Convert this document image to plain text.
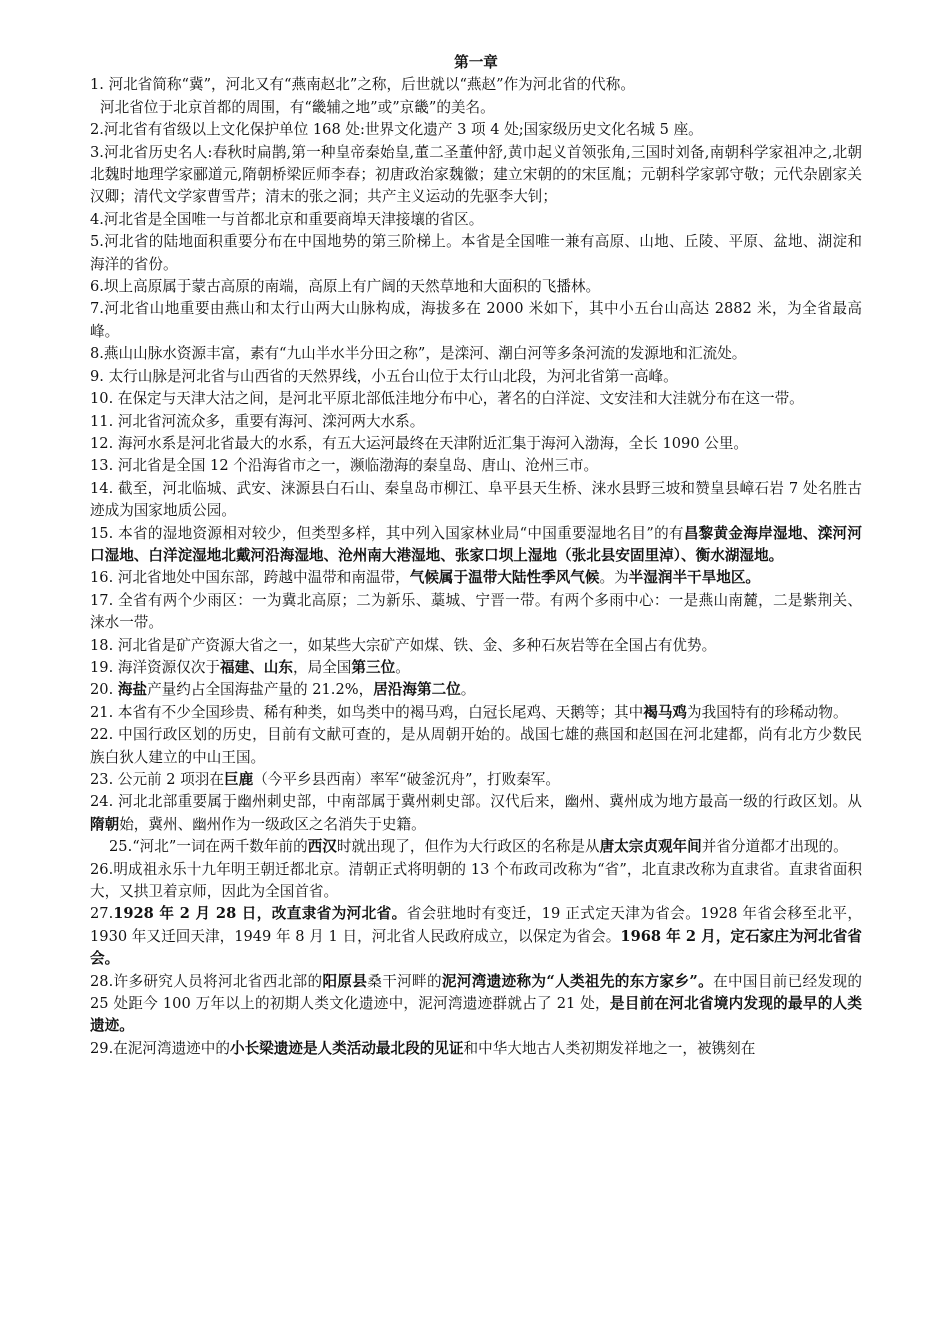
第一章

1. 河北省简称“冀”，河北又有“燕南赵北”之称，后世就以“燕赵”作为河北省的代称。

河北省位于北京首都的周围，有“畿辅之地”或”京畿”的美名。

2.河北省有省级以上文化保护单位 168 处:世界文化遗产 3 项 4 处;国家级历史文化名城 5 座。

3.河北省历史名人:春秋时扁鹊,第一种皇帝秦始皇,董二圣董仲舒,黄巾起义首领张角,三国时刘备,南朝科学家祖冲之,北朝北魏时地理学家郦道元,隋朝桥梁匠师李春；初唐政治家魏徽；建立宋朝的的宋匡胤；元朝科学家郭守敬；元代杂剧家关汉卿；清代文学家曹雪芹；清末的张之洞；共产主义运动的先驱李大钊；

4.河北省是全国唯一与首都北京和重要商埠天津接壤的省区。

5.河北省的陆地面积重要分布在中国地势的第三阶梯上。本省是全国唯一兼有高原、山地、丘陵、平原、盆地、湖淀和海洋的省份。

6.坝上高原属于蒙古高原的南端，高原上有广阔的天然草地和大面积的飞播林。

7.河北省山地重要由燕山和太行山两大山脉构成，海拔多在 2000 米如下，其中小五台山高达 2882 米，为全省最高峰。

8.燕山山脉水资源丰富，素有“九山半水半分田之称”，是滦河、潮白河等多条河流的发源地和汇流处。

9. 太行山脉是河北省与山西省的天然界线，小五台山位于太行山北段，为河北省第一高峰。

10. 在保定与天津大沽之间，是河北平原北部低洼地分布中心，著名的白洋淀、文安洼和大洼就分布在这一带。

11. 河北省河流众多，重要有海河、滦河两大水系。

12. 海河水系是河北省最大的水系，有五大运河最终在天津附近汇集于海河入渤海，全长 1090 公里。

13. 河北省是全国 12 个沿海省市之一，濒临渤海的秦皇岛、唐山、沧州三市。

14. 截至，河北临城、武安、涞源县白石山、秦皇岛市柳江、阜平县天生桥、涞水县野三坡和赞皇县嶂石岩 7 处名胜古迹成为国家地质公园。

15. 本省的湿地资源相对较少，但类型多样，其中列入国家林业局“中国重要湿地名目”的有昌黎黄金海岸湿地、滦河河口湿地、白洋淀湿地北戴河沿海湿地、沧州南大港湿地、张家口坝上湿地（张北县安固里淖）、衡水湖湿地。

16. 河北省地处中国东部，跨越中温带和南温带，气候属于温带大陆性季风气候。为半湿润半干旱地区。

17. 全省有两个少雨区：一为冀北高原；二为新乐、藁城、宁晋一带。有两个多雨中心：一是燕山南麓，二是紫荆关、涞水一带。

18. 河北省是矿产资源大省之一，如某些大宗矿产如煤、铁、金、多种石灰岩等在全国占有优势。

19. 海洋资源仅次于福建、山东，局全国第三位。

20. 海盐产量约占全国海盐产量的 21.2%，居沿海第二位。

21. 本省有不少全国珍贵、稀有种类，如鸟类中的褐马鸡，白冠长尾鸡、天鹅等；其中褐马鸡为我国特有的珍稀动物。

22. 中国行政区划的历史，目前有文献可查的，是从周朝开始的。战国七雄的燕国和赵国在河北建都，尚有北方少数民族白狄人建立的中山王国。

23. 公元前 2 项羽在巨鹿（今平乡县西南）率军“破釜沉舟”，打败秦军。

24. 河北北部重要属于幽州刺史部，中南部属于冀州刺史部。汉代后来，幽州、冀州成为地方最高一级的行政区划。从隋朝始，冀州、幽州作为一级政区之名消失于史籍。

25.“河北”一词在两千数年前的西汉时就出现了，但作为大行政区的名称是从唐太宗贞观年间并省分道都才出现的。

26.明成祖永乐十九年明王朝迁都北京。清朝正式将明朝的 13 个布政司改称为“省”，北直隶改称为直隶省。直隶省面积大，又拱卫着京师，因此为全国首省。

27.1928 年 2 月 28 日，改直隶省为河北省。省会驻地时有变迁，19 正式定天津为省会。1928 年省会移至北平，1930 年又迁回天津，1949 年 8 月 1 日，河北省人民政府成立，以保定为省会。1968 年 2 月，定石家庄为河北省省会。

28.许多研究人员将河北省西北部的阳原县桑干河畔的泥河湾遗迹称为“人类祖先的东方家乡”。在中国目前已经发现的 25 处距今 100 万年以上的初期人类文化遗迹中，泥河湾遗迹群就占了 21 处，是目前在河北省境内发现的最早的人类遗迹。

29.在泥河湾遗迹中的小长梁遗迹是人类活动最北段的见证和中华大地古人类初期发祥地之一，被镌刻在
